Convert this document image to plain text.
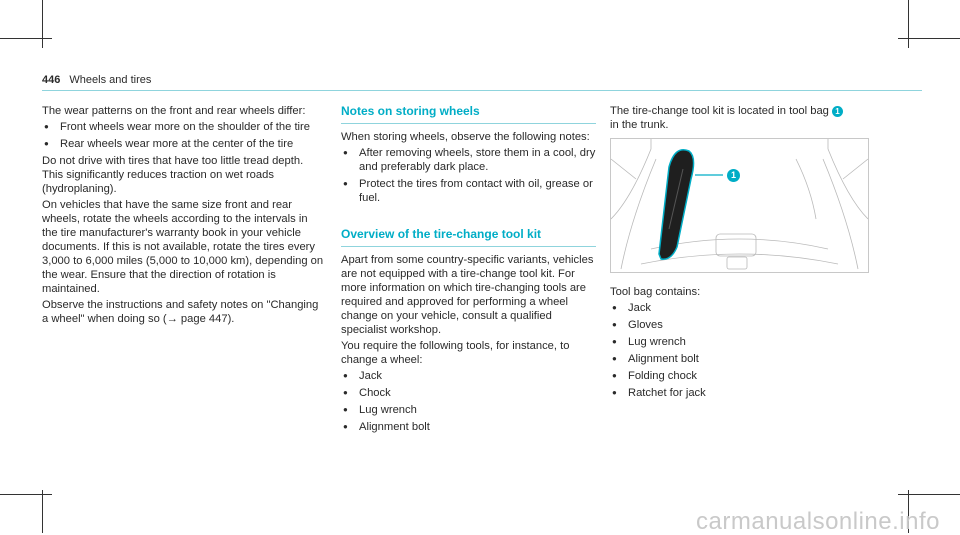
446 Wheels and tires

The wear patterns on the front and rear wheels differ:

● Front wheels wear more on the shoulder of the tire
● Rear wheels wear more at the center of the tire

Do not drive with tires that have too little tread depth. This significantly reduces traction on wet roads (hydroplaning).

On vehicles that have the same size front and rear wheels, rotate the wheels according to the intervals in the tire manufacturer's warranty book in your vehicle documents. If this is not available, rotate the tires every 3,000 to 6,000 miles (5,000 to 10,000 km), depending on the wear. Ensure that the direction of rotation is maintained.

Observe the instructions and safety notes on "Changing a wheel" when doing so (→ page 447).

Notes on storing wheels

When storing wheels, observe the following notes:

● After removing wheels, store them in a cool, dry and preferably dark place.
● Protect the tires from contact with oil, grease or fuel.
Overview of the tire-change tool kit

Apart from some country-specific variants, vehicles are not equipped with a tire-change tool kit. For more information on which tire-changing tools are required and approved for performing a wheel change on your vehicle, consult a qualified specialist workshop.

You require the following tools, for instance, to change a wheel:

● Jack
● Chock
● Lug wrench
● Alignment bolt

The tire-change tool kit is located in tool bag 1
in the trunk.

1

Tool bag contains:

● Jack
● Gloves
● Lug wrench
● Alignment bolt
● Folding chock
● Ratchet for jack
carmanualsonline.info
